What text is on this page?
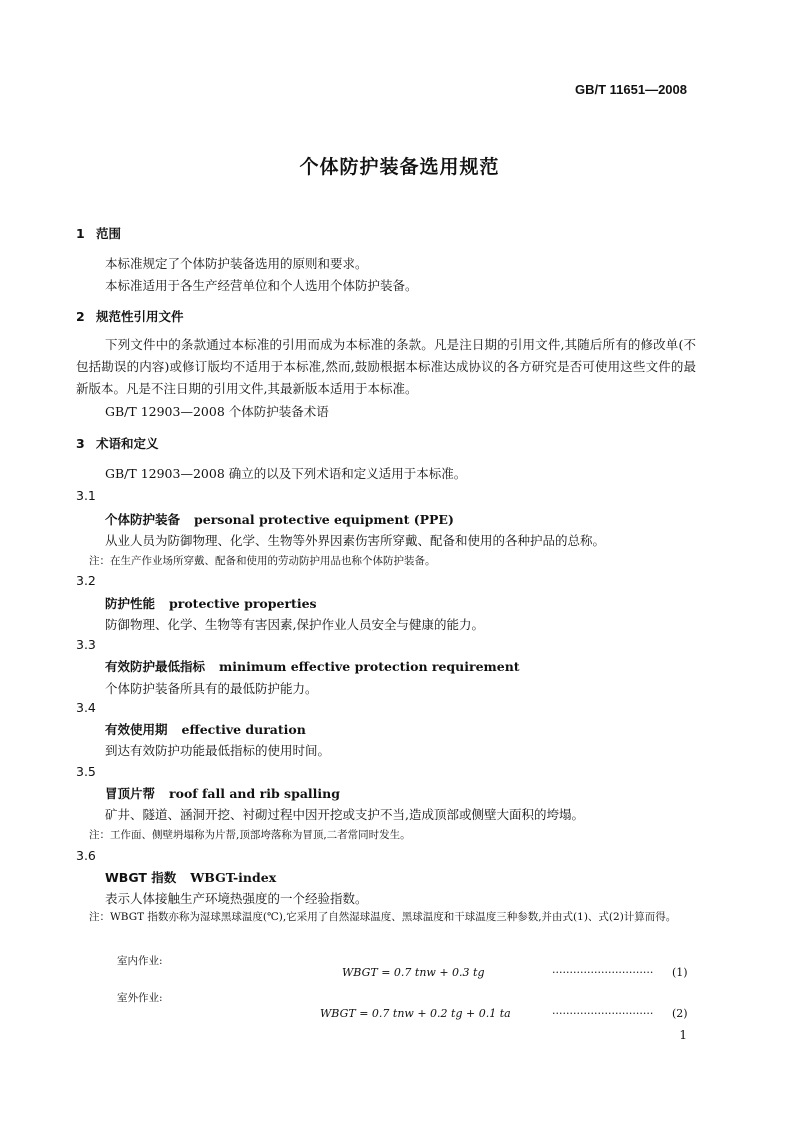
GB/T 11651—2008
个体防护装备选用规范
1 范围
本标准规定了个体防护装备选用的原则和要求。
本标准适用于各生产经营单位和个人选用个体防护装备。
2 规范性引用文件
下列文件中的条款通过本标准的引用而成为本标准的条款。凡是注日期的引用文件,其随后所有的修改单(不包括勘误的内容)或修订版均不适用于本标准,然而,鼓励根据本标准达成协议的各方研究是否可使用这些文件的最新版本。凡是不注日期的引用文件,其最新版本适用于本标准。
GB/T 12903—2008 个体防护装备术语
3 术语和定义
GB/T 12903—2008 确立的以及下列术语和定义适用于本标准。
3.1
个体防护装备 personal protective equipment (PPE)
从业人员为防御物理、化学、生物等外界因素伤害所穿戴、配备和使用的各种护品的总称。
注：在生产作业场所穿戴、配备和使用的劳动防护用品也称个体防护装备。
3.2
防护性能 protective properties
防御物理、化学、生物等有害因素,保护作业人员安全与健康的能力。
3.3
有效防护最低指标 minimum effective protection requirement
个体防护装备所具有的最低防护能力。
3.4
有效使用期 effective duration
到达有效防护功能最低指标的使用时间。
3.5
冒顶片帮 roof fall and rib spalling
矿井、隧道、涵洞开挖、衬砌过程中因开挖或支护不当,造成顶部或侧壁大面积的垮塌。
注：工作面、侧壁坍塌称为片帮,顶部垮落称为冒顶,二者常同时发生。
3.6
WBGT 指数 WBGT-index
表示人体接触生产环境热强度的一个经验指数。
注：WBGT 指数亦称为湿球黑球温度(℃),它采用了自然湿球温度、黑球温度和干球温度三种参数,并由式(1)、式(2)计算而得。
室内作业:
WBGT = 0.7 tnw + 0.3 tg	····························· (1)
室外作业:
WBGT = 0.7 tnw + 0.2 tg + 0.1 ta	····························· (2)
1
